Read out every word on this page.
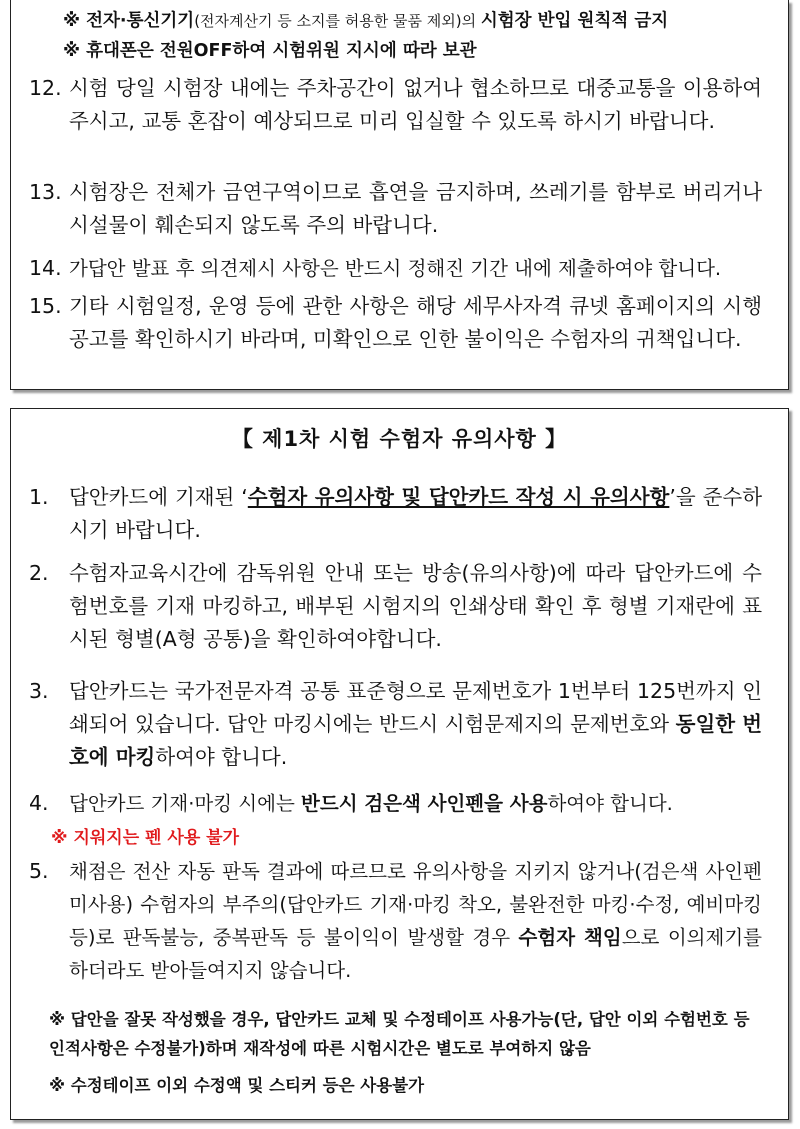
※ 전자·통신기기(전자계산기 등 소지를 허용한 물품 제외)의 시험장 반입 원칙적 금지
※ 휴대폰은 전원OFF하여 시험위원 지시에 따라 보관
12. 시험 당일 시험장 내에는 주차공간이 없거나 협소하므로 대중교통을 이용하여 주시고, 교통 혼잡이 예상되므로 미리 입실할 수 있도록 하시기 바랍니다.
13. 시험장은 전체가 금연구역이므로 흡연을 금지하며, 쓰레기를 함부로 버리거나 시설물이 훼손되지 않도록 주의 바랍니다.
14. 가답안 발표 후 의견제시 사항은 반드시 정해진 기간 내에 제출하여야 합니다.
15. 기타 시험일정, 운영 등에 관한 사항은 해당 세무사자격 큐넷 홈페이지의 시행공고를 확인하시기 바라며, 미확인으로 인한 불이익은 수험자의 귀책입니다.
【 제1차 시험 수험자 유의사항 】
1. 답안카드에 기재된 ‘수험자 유의사항 및 답안카드 작성 시 유의사항’을 준수하시기 바랍니다.
2. 수험자교육시간에 감독위원 안내 또는 방송(유의사항)에 따라 답안카드에 수험번호를 기재 마킹하고, 배부된 시험지의 인쇄상태 확인 후 형별 기재란에 표시된 형별(A형 공통)을 확인하여야합니다.
3. 답안카드는 국가전문자격 공통 표준형으로 문제번호가 1번부터 125번까지 인쇄되어 있습니다. 답안 마킹시에는 반드시 시험문제지의 문제번호와 동일한 번호에 마킹하여야 합니다.
4. 답안카드 기재·마킹 시에는 반드시 검은색 사인펜을 사용하여야 합니다.
※ 지워지는 펜 사용 불가
5. 채점은 전산 자동 판독 결과에 따르므로 유의사항을 지키지 않거나(검은색 사인펜 미사용) 수험자의 부주의(답안카드 기재·마킹 착오, 불완전한 마킹·수정, 예비마킹 등)로 판독불능, 중복판독 등 불이익이 발생할 경우 수험자 책임으로 이의제기를 하더라도 받아들여지지 않습니다.
※ 답안을 잘못 작성했을 경우, 답안카드 교체 및 수정테이프 사용가능(단, 답안 이외 수험번호 등 인적사항은 수정불가)하며 재작성에 따른 시험시간은 별도로 부여하지 않음
※ 수정테이프 이외 수정액 및 스티커 등은 사용불가
